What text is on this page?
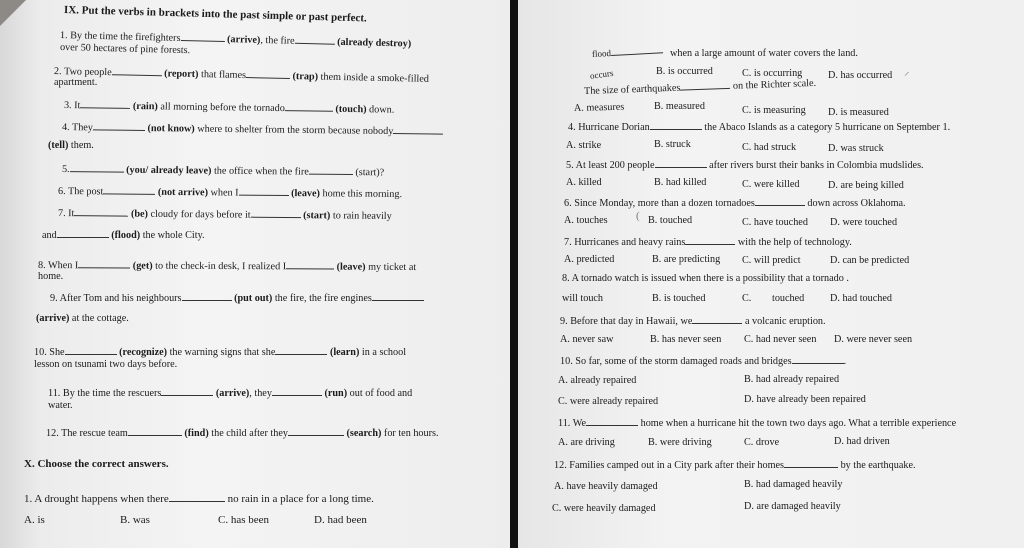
IX. Put the verbs in brackets into the past simple or past perfect.
1. By the time the firefighters	(arrive), the fire	(already destroy)
over 50 hectares of pine forests.
2. Two people	(report) that flames	(trap) them inside a smoke-filled
apartment.
3. It	(rain) all morning before the tornado	(touch) down.
4. They	(not know) where to shelter from the storm because nobody
(tell) them.
5.	(you/ already leave) the office when the fire	(start)?
6. The post	(not arrive) when I	(leave) home this morning.
7. It	(be) cloudy for days before it	(start) to rain heavily
and	(flood) the whole City.
8. When I	(get) to the check-in desk, I realized I	(leave) my ticket at
home.
9. After Tom and his neighbours	(put out) the fire, the fire engines
(arrive) at the cottage.
10. She	(recognize) the warning signs that she	(learn) in a school
lesson on tsunami two days before.
11. By the time the rescuers	(arrive), they	(run) out of food and
water.
12. The rescue team	(find) the child after they	(search) for ten hours.
X. Choose the correct answers.
1. A drought happens when there	no rain in a place for a long time.
A. is	B. was	C. has been	D. had been
flood	when a large amount of water covers the land.
occurs	B. is occurred	C. is occurring	D. has occurred ⸝
The size of earthquakes	on the Richter scale.
A. measures	B. measured	C. is measuring D. is measured
4. Hurricane Dorian	the Abaco Islands as a category 5 hurricane on September 1.
A. strike	B. struck	C. had struck	D. was struck
5. At least 200 people	after rivers burst their banks in Colombia mudslides.
A. killed	B. had killed	C. were killed	D. are being killed
6. Since Monday, more than a dozen tornadoes	down across Oklahoma.
A. touches	( B. touched	C. have touched D. were touched
7. Hurricanes and heavy rains	with the help of technology.
A. predicted	B. are predicting C. will predict	D. can be predicted
8. A tornado watch is issued when there is a possibility that a tornado .
will touch	B. is touched	C. touched	D. had touched
9. Before that day in Hawaii, we	a volcanic eruption.
A. never saw	B. has never seen C. had never seen D. were never seen
10. So far, some of the storm damaged roads and bridges	.
A. already repaired	B. had already repaired
C. were already repaired	D. have already been repaired
11. We	home when a hurricane hit the town two days ago. What a terrible experience
A. are driving	B. were driving	C. drove	D. had driven
12. Families camped out in a City park after their homes	by the earthquake.
A. have heavily damaged	B. had damaged heavily
C. were heavily damaged	D. are damaged heavily
